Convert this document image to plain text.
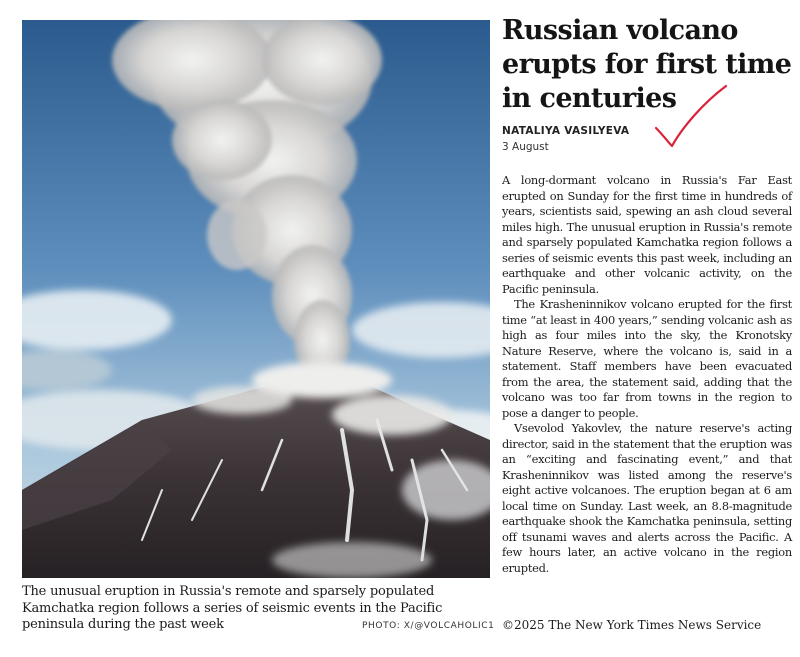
The unusual eruption in Russia's remote and sparsely populated Kamchatka region follows a series of seismic events in the Pacific peninsula during the past week	PHOTO: X/@VOLCAHOLIC1
Russian volcano erupts for first time in centuries
NATALIYA VASILYEVA
3 August

A long-dormant volcano in Russia's Far East erupted on Sunday for the first time in hundreds of years, scientists said, spewing an ash cloud several miles high. The unusual eruption in Russia's remote and sparsely populated Kamchatka region follows a series of seismic events this past week, including an earthquake and other volcanic activity, on the Pacific peninsula.

The Krasheninnikov volcano erupted for the first time “at least in 400 years,” sending volcanic ash as high as four miles into the sky, the Kronotsky Nature Reserve, where the volcano is, said in a statement. Staff members have been evacuated from the area, the statement said, adding that the volcano was too far from towns in the region to pose a danger to people.

Vsevolod Yakovlev, the nature reserve's acting director, said in the statement that the eruption was an “exciting and fascinating event,” and that Krasheninnikov was listed among the reserve's eight active volcanoes. The eruption began at 6 am local time on Sunday. Last week, an 8.8-magnitude earthquake shook the Kamchatka peninsula, setting off tsunami waves and alerts across the Pacific. A few hours later, an active volcano in the region erupted.

©2025 The New York Times News Service
